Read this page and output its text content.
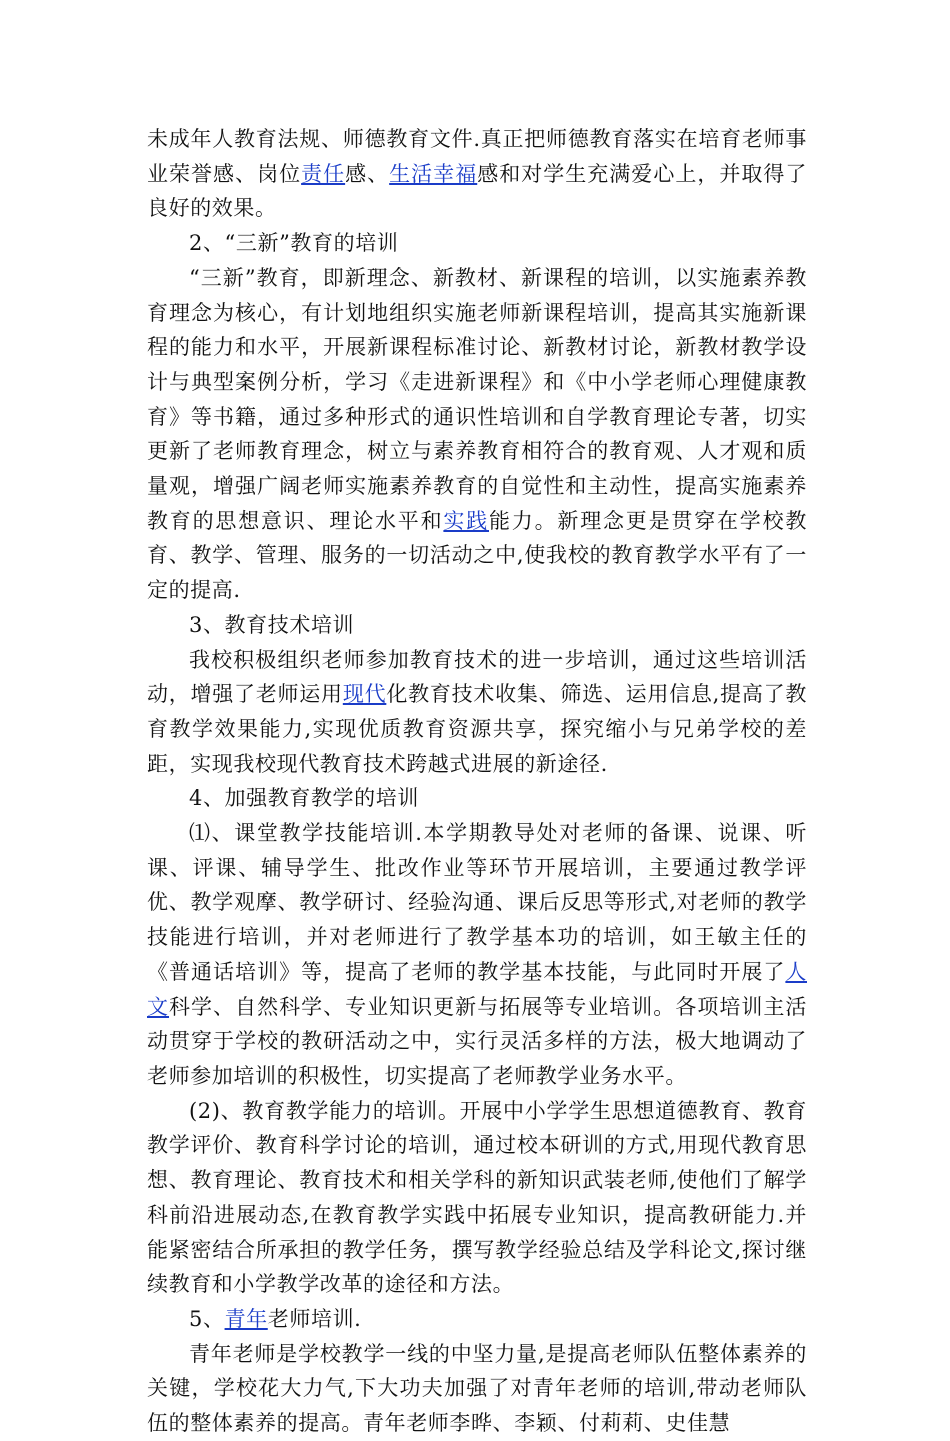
未成年人教育法规、师德教育文件.真正把师德教育落实在培育老师事业荣誉感、岗位责任感、生活幸福感和对学生充满爱心上，并取得了良好的效果。

2、“三新”教育的培训

“三新”教育，即新理念、新教材、新课程的培训，以实施素养教育理念为核心，有计划地组织实施老师新课程培训，提高其实施新课程的能力和水平，开展新课程标准讨论、新教材讨论，新教材教学设计与典型案例分析，学习《走进新课程》和《中小学老师心理健康教育》等书籍，通过多种形式的通识性培训和自学教育理论专著，切实更新了老师教育理念，树立与素养教育相符合的教育观、人才观和质量观，增强广阔老师实施素养教育的自觉性和主动性，提高实施素养教育的思想意识、理论水平和实践能力。新理念更是贯穿在学校教育、教学、管理、服务的一切活动之中,使我校的教育教学水平有了一定的提高.

3、教育技术培训

我校积极组织老师参加教育技术的进一步培训，通过这些培训活动，增强了老师运用现代化教育技术收集、筛选、运用信息,提高了教育教学效果能力,实现优质教育资源共享，探究缩小与兄弟学校的差距，实现我校现代教育技术跨越式进展的新途径.

4、加强教育教学的培训

⑴、课堂教学技能培训.本学期教导处对老师的备课、说课、听课、评课、辅导学生、批改作业等环节开展培训，主要通过教学评优、教学观摩、教学研讨、经验沟通、课后反思等形式,对老师的教学技能进行培训，并对老师进行了教学基本功的培训，如王敏主任的《普通话培训》等，提高了老师的教学基本技能，与此同时开展了人文科学、自然科学、专业知识更新与拓展等专业培训。各项培训主活动贯穿于学校的教研活动之中，实行灵活多样的方法，极大地调动了老师参加培训的积极性，切实提高了老师教学业务水平。

(2)、教育教学能力的培训。开展中小学学生思想道德教育、教育教学评价、教育科学讨论的培训，通过校本研训的方式,用现代教育思想、教育理论、教育技术和相关学科的新知识武装老师,使他们了解学科前沿进展动态,在教育教学实践中拓展专业知识，提高教研能力.并能紧密结合所承担的教学任务，撰写教学经验总结及学科论文,探讨继续教育和小学教学改革的途径和方法。

5、青年老师培训.

青年老师是学校教学一线的中坚力量,是提高老师队伍整体素养的关键，学校花大力气,下大功夫加强了对青年老师的培训,带动老师队伍的整体素养的提高。青年老师李晔、李颖、付莉莉、史佳慧
